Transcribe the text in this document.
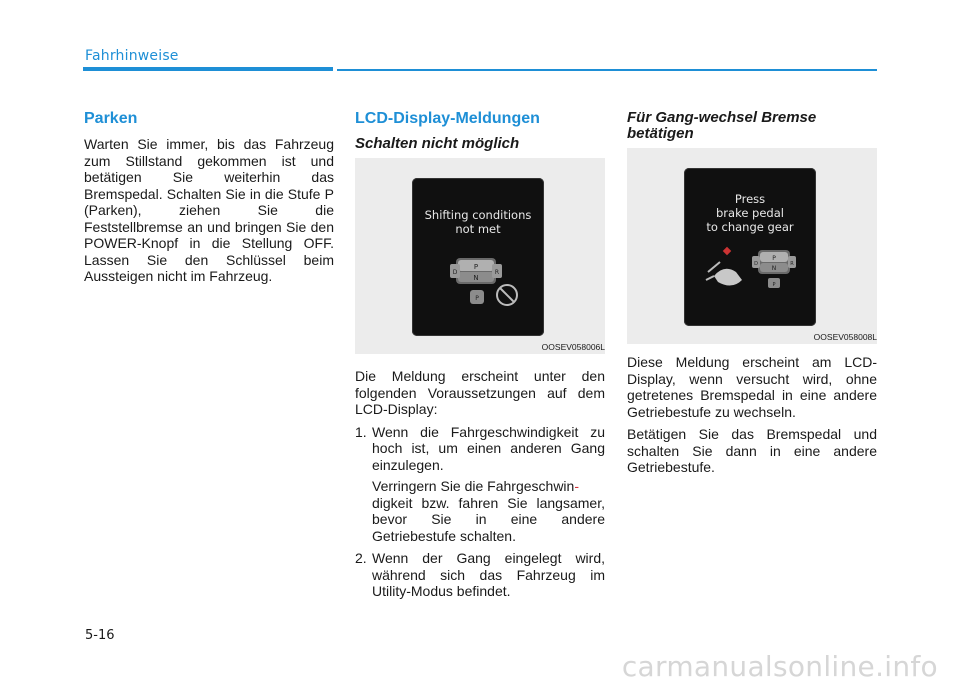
Fahrhinweise
Parken

Warten Sie immer, bis das Fahrzeug zum Stillstand gekommen ist und betätigen Sie weiterhin das Bremspedal. Schalten Sie in die Stufe P (Parken), ziehen Sie die Feststellbremse an und bringen Sie den POWER-Knopf in die Stellung OFF. Lassen Sie den Schlüssel beim Aussteigen nicht im Fahrzeug.

LCD-Display-Meldungen
Schalten nicht möglich
Shifting conditions
not met
P
N
D	R
P
OOSEV058006L

Die Meldung erscheint unter den folgenden Voraussetzungen auf dem LCD-Display:

1. Wenn die Fahrgeschwindigkeit zu hoch ist, um einen anderen Gang einzulegen.
Verringern Sie die Fahrgeschwin-
digkeit bzw. fahren Sie langsamer, bevor Sie in eine andere Getriebestufe schalten.
2. Wenn der Gang eingelegt wird, während sich das Fahrzeug im Utility-Modus befindet.
Für Gang-wechsel Bremse betätigen
Press
brake pedal
to change gear
P
N
D	R
P
OOSEV058008L

Diese Meldung erscheint am LCD-Display, wenn versucht wird, ohne getretenes Bremspedal in eine andere Getriebestufe zu wechseln.

Betätigen Sie das Bremspedal und schalten Sie dann in eine andere Getriebestufe.

5-16
carmanualsonline.info
